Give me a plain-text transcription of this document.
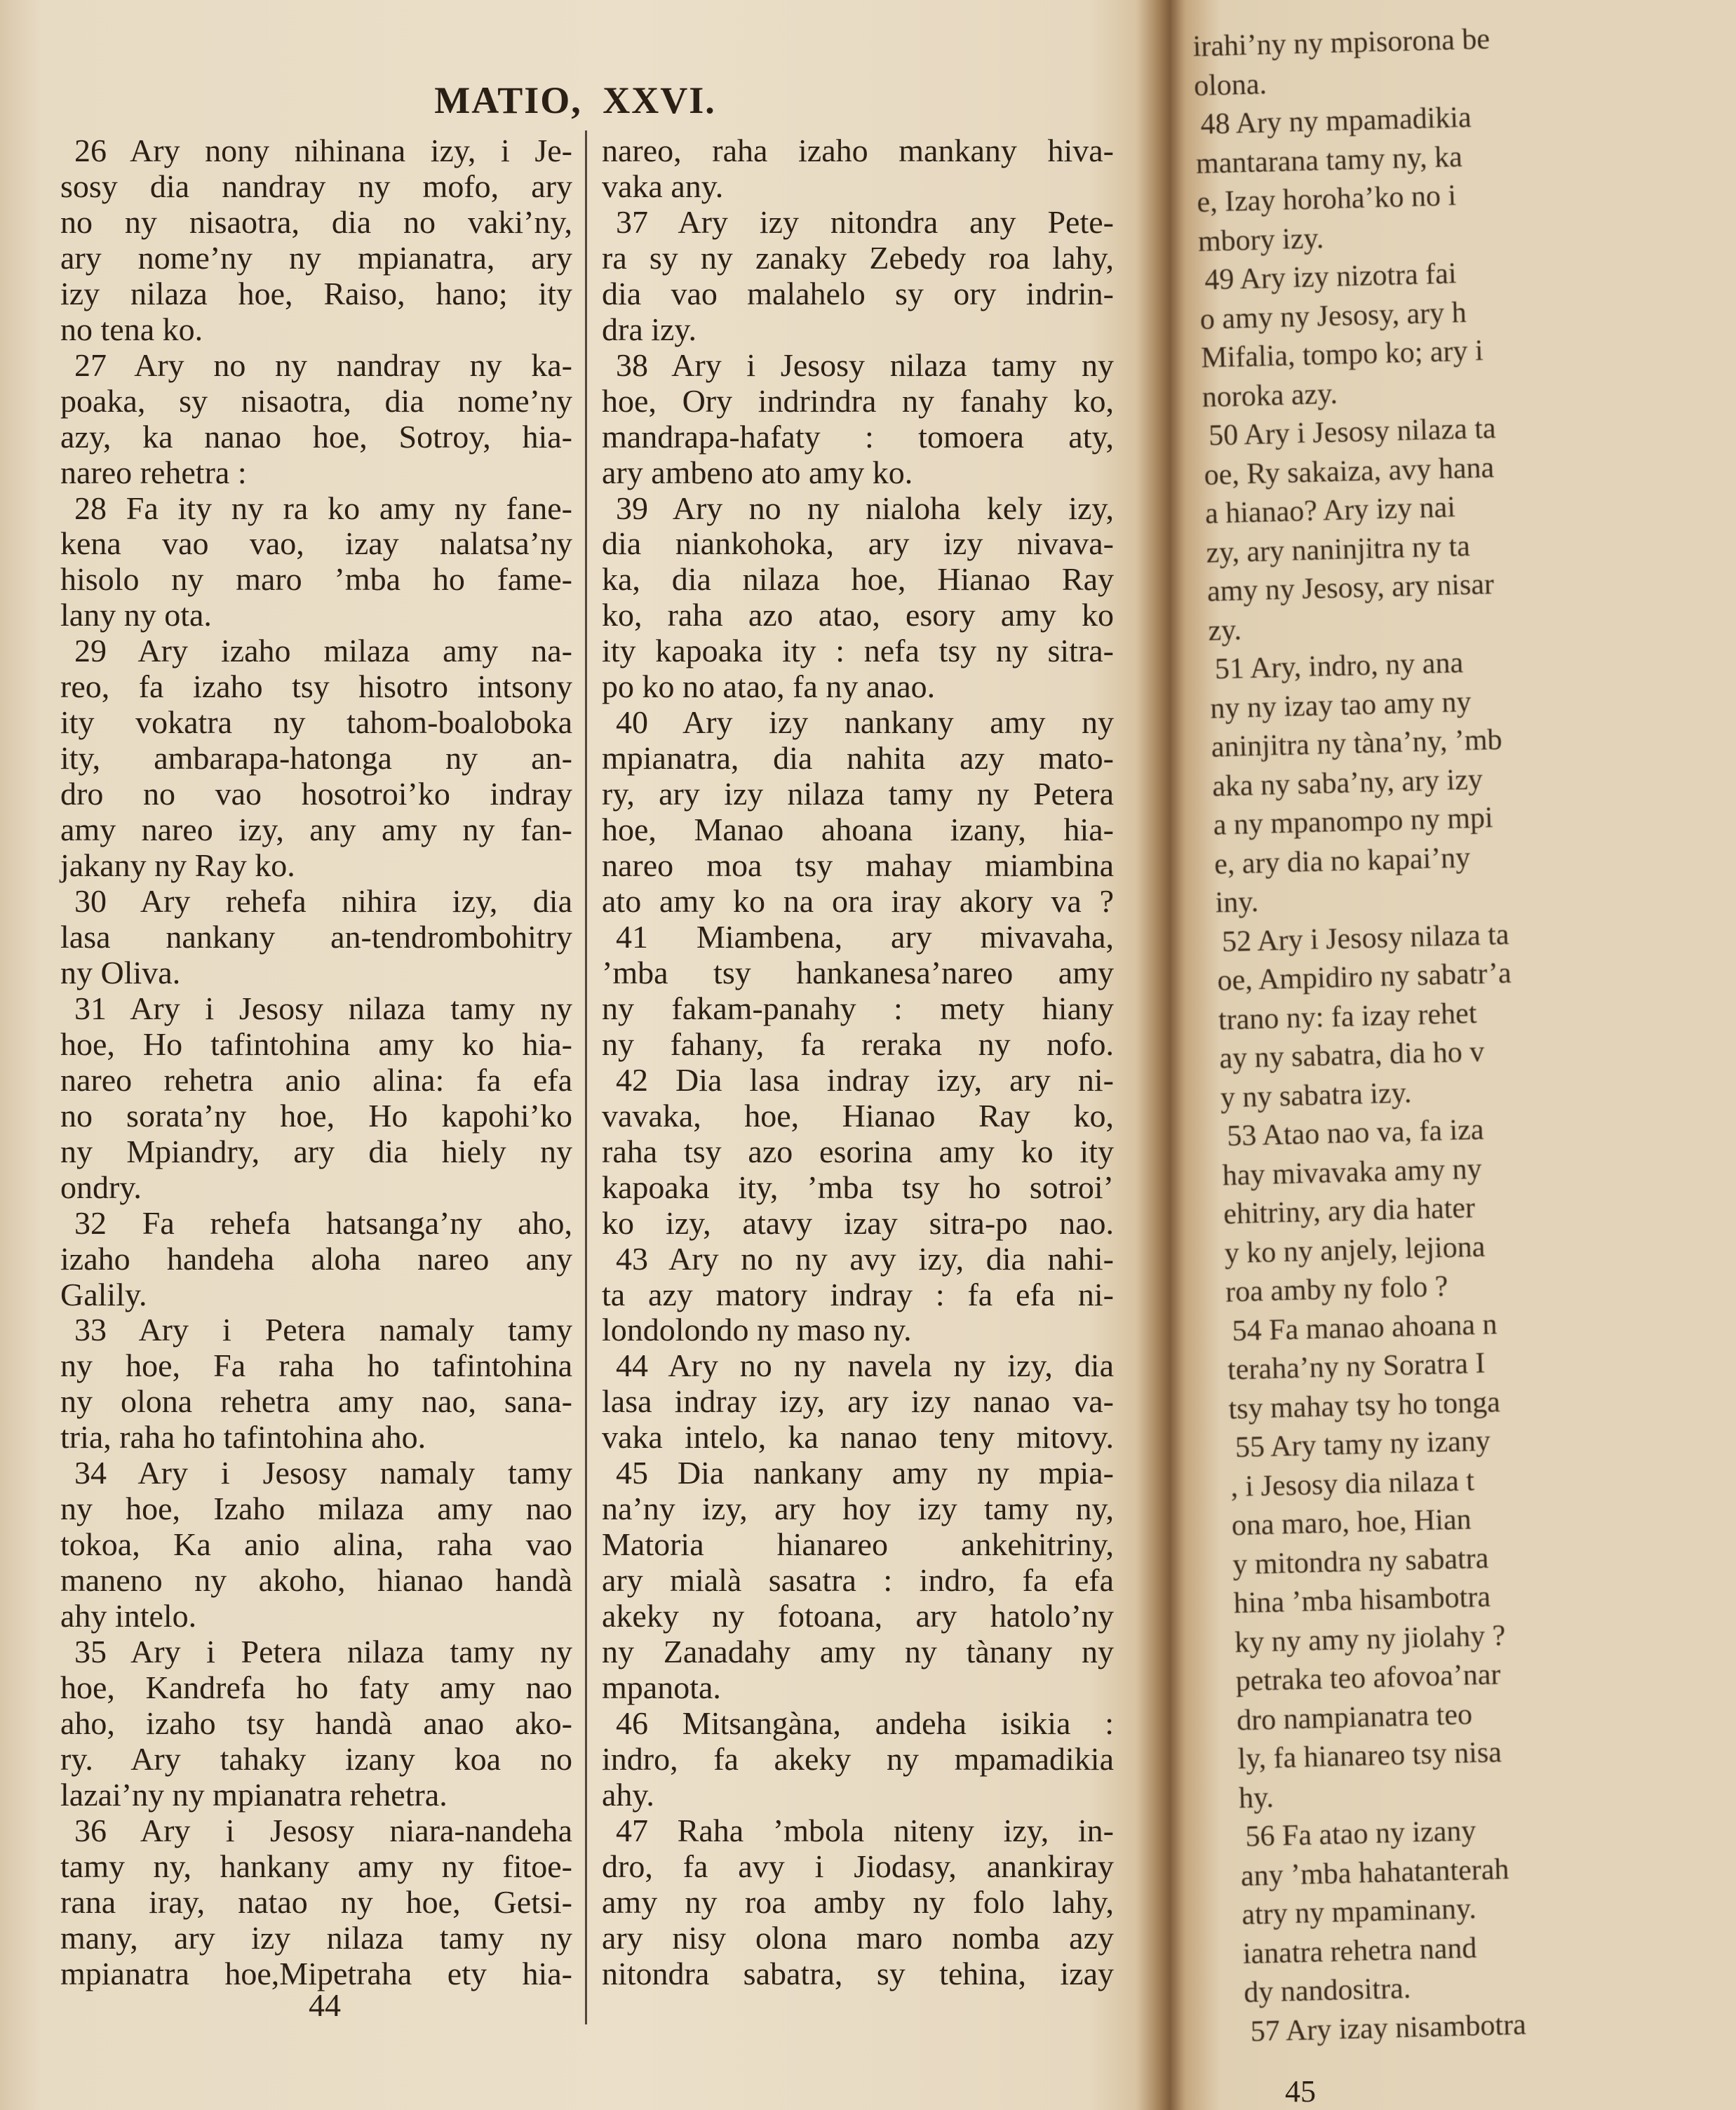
MATIO, XXVI.
26 Ary nony nihinana izy, i Je-
sosy dia nandray ny mofo, ary
no ny nisaotra, dia no vaki’ny,
ary nome’ny ny mpianatra, ary
izy nilaza hoe, Raiso, hano; ity
no tena ko.
27 Ary no ny nandray ny ka-
poaka, sy nisaotra, dia nome’ny
azy, ka nanao hoe, Sotroy, hia-
nareo rehetra :
28 Fa ity ny ra ko amy ny fane-
kena vao vao, izay nalatsa’ny
hisolo ny maro ’mba ho fame-
lany ny ota.
29 Ary izaho milaza amy na-
reo, fa izaho tsy hisotro intsony
ity vokatra ny tahom-boaloboka
ity, ambarapa-hatonga ny an-
dro no vao hosotroi’ko indray
amy nareo izy, any amy ny fan-
jakany ny Ray ko.
30 Ary rehefa nihira izy, dia
lasa nankany an-tendrombohitry
ny Oliva.
31 Ary i Jesosy nilaza tamy ny
hoe, Ho tafintohina amy ko hia-
nareo rehetra anio alina: fa efa
no sorata’ny hoe, Ho kapohi’ko
ny Mpiandry, ary dia hiely ny
ondry.
32 Fa rehefa hatsanga’ny aho,
izaho handeha aloha nareo any
Galily.
33 Ary i Petera namaly tamy
ny hoe, Fa raha ho tafintohina
ny olona rehetra amy nao, sana-
tria, raha ho tafintohina aho.
34 Ary i Jesosy namaly tamy
ny hoe, Izaho milaza amy nao
tokoa, Ka anio alina, raha vao
maneno ny akoho, hianao handà
ahy intelo.
35 Ary i Petera nilaza tamy ny
hoe, Kandrefa ho faty amy nao
aho, izaho tsy handà anao ako-
ry. Ary tahaky izany koa no
lazai’ny ny mpianatra rehetra.
36 Ary i Jesosy niara-nandeha
tamy ny, hankany amy ny fitoe-
rana iray, natao ny hoe, Getsi-
many, ary izy nilaza tamy ny
mpianatra hoe,Mipetraha ety hia-
nareo, raha izaho mankany hiva-
vaka any.
37 Ary izy nitondra any Pete-
ra sy ny zanaky Zebedy roa lahy,
dia vao malahelo sy ory indrin-
dra izy.
38 Ary i Jesosy nilaza tamy ny
hoe, Ory indrindra ny fanahy ko,
mandrapa-hafaty : tomoera aty,
ary ambeno ato amy ko.
39 Ary no ny nialoha kely izy,
dia niankohoka, ary izy nivava-
ka, dia nilaza hoe, Hianao Ray
ko, raha azo atao, esory amy ko
ity kapoaka ity : nefa tsy ny sitra-
po ko no atao, fa ny anao.
40 Ary izy nankany amy ny
mpianatra, dia nahita azy mato-
ry, ary izy nilaza tamy ny Petera
hoe, Manao ahoana izany, hia-
nareo moa tsy mahay miambina
ato amy ko na ora iray akory va ?
41 Miambena, ary mivavaha,
’mba tsy hankanesa’nareo amy
ny fakam-panahy : mety hiany
ny fahany, fa reraka ny nofo.
42 Dia lasa indray izy, ary ni-
vavaka, hoe, Hianao Ray ko,
raha tsy azo esorina amy ko ity
kapoaka ity, ’mba tsy ho sotroi’
ko izy, atavy izay sitra-po nao.
43 Ary no ny avy izy, dia nahi-
ta azy matory indray : fa efa ni-
londolondo ny maso ny.
44 Ary no ny navela ny izy, dia
lasa indray izy, ary izy nanao va-
vaka intelo, ka nanao teny mitovy.
45 Dia nankany amy ny mpia-
na’ny izy, ary hoy izy tamy ny,
Matoria hianareo ankehitriny,
ary mialà sasatra : indro, fa efa
akeky ny fotoana, ary hatolo’ny
ny Zanadahy amy ny tànany ny
mpanota.
46 Mitsangàna, andeha isikia :
indro, fa akeky ny mpamadikia
ahy.
47 Raha ’mbola niteny izy, in-
dro, fa avy i Jiodasy, anankiray
amy ny roa amby ny folo lahy,
ary nisy olona maro nomba azy
nitondra sabatra, sy tehina, izay
44
irahi’ny ny mpisorona be
olona.
48 Ary ny mpamadikia
mantarana tamy ny, ka
e, Izay horoha’ko no i
mbory izy.
49 Ary izy nizotra fai
o amy ny Jesosy, ary h
Mifalia, tompo ko; ary i
noroka azy.
50 Ary i Jesosy nilaza ta
oe, Ry sakaiza, avy hana
a hianao? Ary izy nai
zy, ary naninjitra ny ta
amy ny Jesosy, ary nisar
zy.
51 Ary, indro, ny ana
ny ny izay tao amy ny
aninjitra ny tàna’ny, ’mb
aka ny saba’ny, ary izy
a ny mpanompo ny mpi
e, ary dia no kapai’ny
iny.
52 Ary i Jesosy nilaza ta
oe, Ampidiro ny sabatr’a
trano ny: fa izay rehet
ay ny sabatra, dia ho v
y ny sabatra izy.
53 Atao nao va, fa iza
hay mivavaka amy ny
ehitriny, ary dia hater
y ko ny anjely, lejiona
roa amby ny folo ?
54 Fa manao ahoana n
teraha’ny ny Soratra I
tsy mahay tsy ho tonga
55 Ary tamy ny izany
, i Jesosy dia nilaza t
ona maro, hoe, Hian
y mitondra ny sabatra
hina ’mba hisambotra
ky ny amy ny jiolahy ?
petraka teo afovoa’nar
dro nampianatra teo
ly, fa hianareo tsy nisa
hy.
56 Fa atao ny izany
any ’mba hahatanterah
atry ny mpaminany.
ianatra rehetra nand
dy nandositra.
57 Ary izay nisambotra
45
